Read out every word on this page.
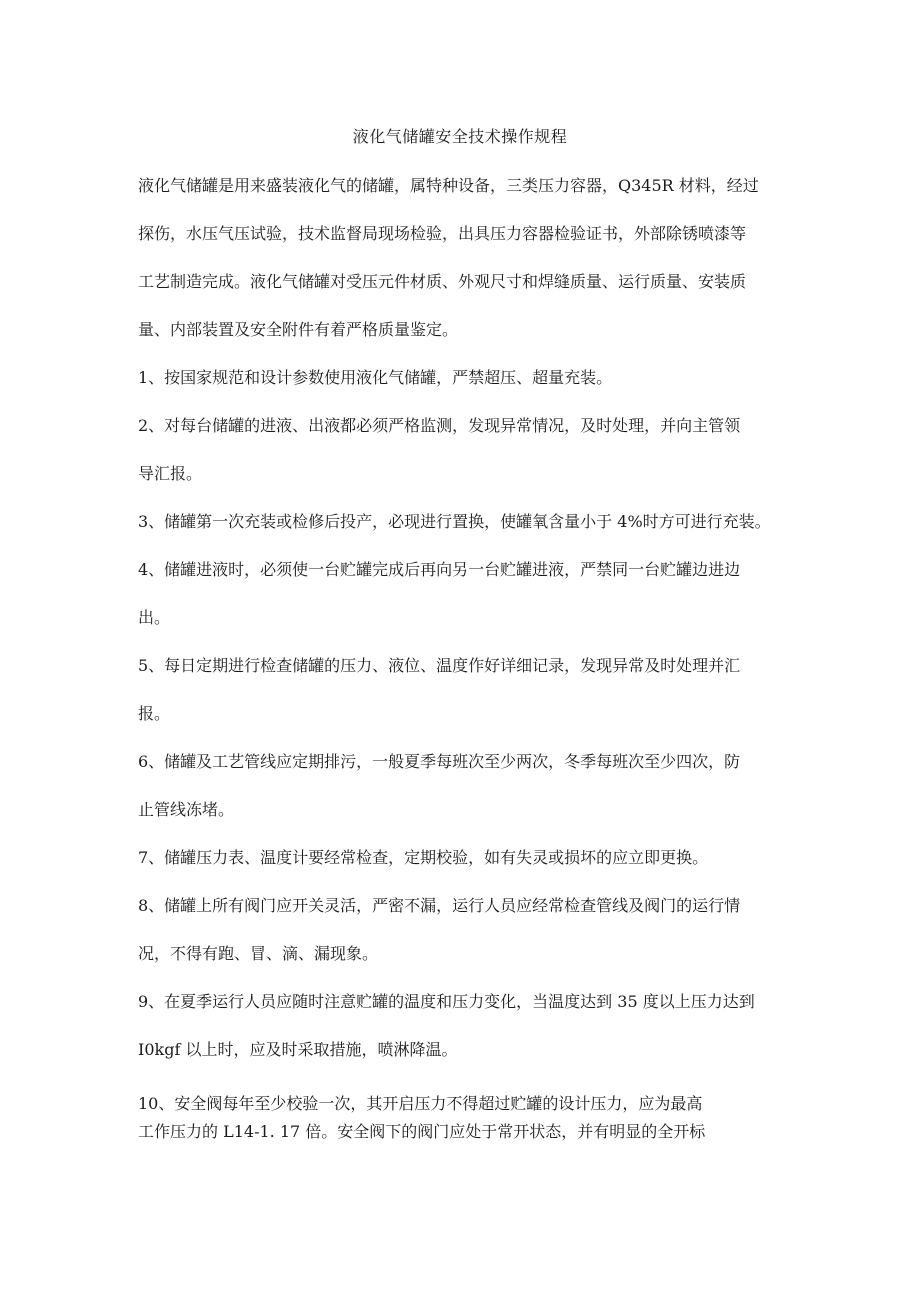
液化气储罐安全技术操作规程
液化气储罐是用来盛装液化气的储罐，属特种设备，三类压力容器，Q345R 材料，经过
探伤，水压气压试验，技术监督局现场检验，出具压力容器检验证书，外部除锈喷漆等
工艺制造完成。液化气储罐对受压元件材质、外观尺寸和焊缝质量、运行质量、安装质
量、内部装置及安全附件有着严格质量鉴定。
1、按国家规范和设计参数使用液化气储罐，严禁超压、超量充装。
2、对每台储罐的进液、出液都必须严格监测，发现异常情况，及时处理，并向主管领
导汇报。
3、储罐第一次充装或检修后投产，必现进行置换，使罐氧含量小于 4%时方可进行充装。
4、储罐进液时，必须使一台贮罐完成后再向另一台贮罐进液，严禁同一台贮罐边进边
出。
5、每日定期进行检查储罐的压力、液位、温度作好详细记录，发现异常及时处理并汇
报。
6、储罐及工艺管线应定期排污，一般夏季每班次至少两次，冬季每班次至少四次，防
止管线冻堵。
7、储罐压力表、温度计要经常检查，定期校验，如有失灵或损坏的应立即更换。
8、储罐上所有阀门应开关灵活，严密不漏，运行人员应经常检查管线及阀门的运行情
况，不得有跑、冒、滴、漏现象。
9、在夏季运行人员应随时注意贮罐的温度和压力变化，当温度达到 35 度以上压力达到
I0kgf 以上时，应及时采取措施，喷淋降温。
10、安全阀每年至少校验一次，其开启压力不得超过贮罐的设计压力，应为最高
工作压力的 L14-1. 17 倍。安全阀下的阀门应处于常开状态，并有明显的全开标
